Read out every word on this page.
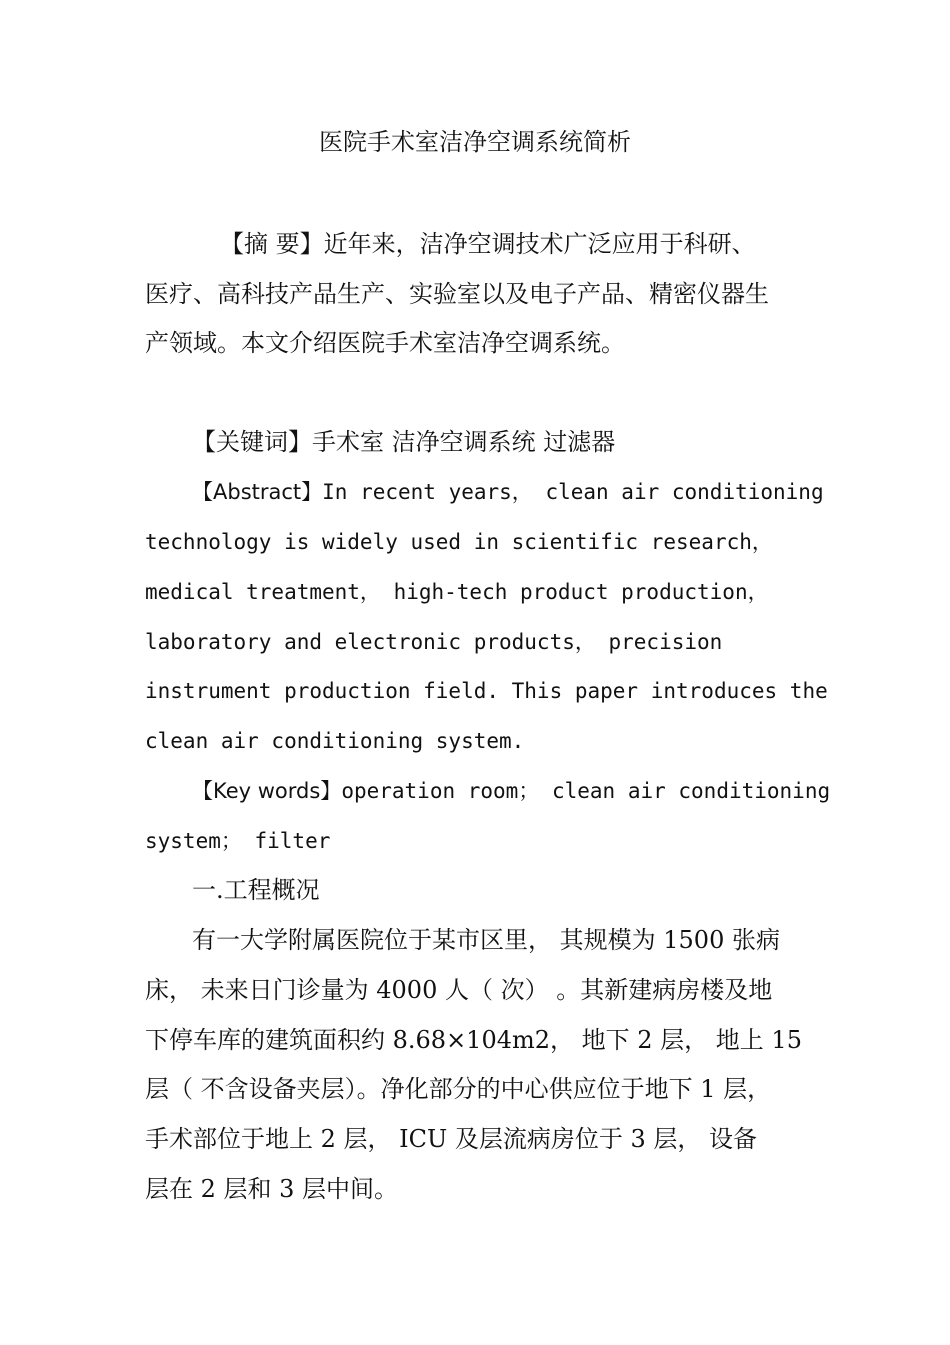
医院手术室洁净空调系统简析
【摘 要】近年来，洁净空调技术广泛应用于科研、
医疗、高科技产品生产、实验室以及电子产品、精密仪器生
产领域。本文介绍医院手术室洁净空调系统。
【关键词】手术室 洁净空调系统 过滤器
【Abstract】In recent years， clean air conditioning
technology is widely used in scientific research，
medical treatment， high-tech product production，
laboratory and electronic products， precision
instrument production field. This paper introduces the
clean air conditioning system.
【Key words】operation room； clean air conditioning
system； filter
一.工程概况
有一大学附属医院位于某市区里， 其规模为 1500 张病
床， 未来日门诊量为 4000 人（ 次） 。其新建病房楼及地
下停车库的建筑面积约 8.68×104m2， 地下 2 层， 地上 15
层（ 不含设备夹层）。净化部分的中心供应位于地下 1 层，
手术部位于地上 2 层， ICU 及层流病房位于 3 层， 设备
层在 2 层和 3 层中间。
